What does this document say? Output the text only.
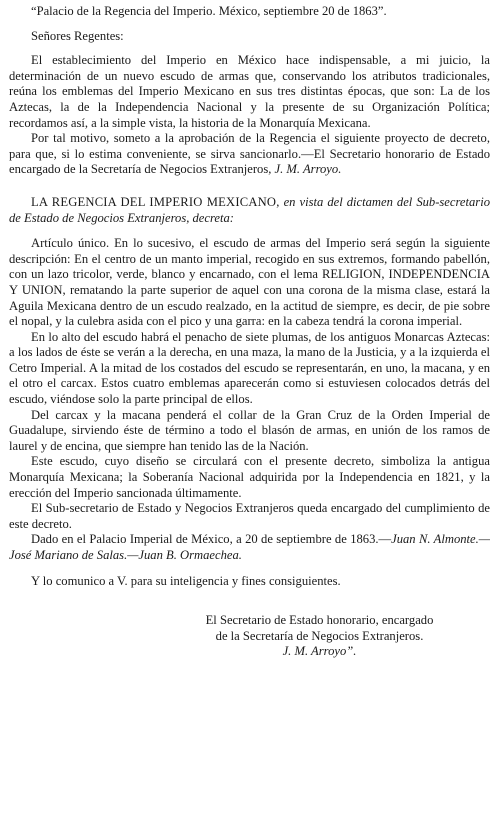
“Palacio de la Regencia del Imperio. México, septiembre 20 de 1863”.

Señores Regentes:

El establecimiento del Imperio en México hace indispensable, a mi juicio, la determinación de un nuevo escudo de armas que, conservando los atributos tradicionales, reúna los emblemas del Imperio Mexicano en sus tres distintas épocas, que son: La de los Aztecas, la de la Independencia Nacional y la presente de su Organización Política; recordamos así, a la simple vista, la historia de la Monarquía Mexicana.

Por tal motivo, someto a la aprobación de la Regencia el siguiente proyecto de decreto, para que, si lo estima conveniente, se sirva sancionarlo.—El Secretario honorario de Estado encargado de la Secretaría de Negocios Extranjeros, J. M. Arroyo.

LA REGENCIA DEL IMPERIO MEXICANO, en vista del dictamen del Sub-secretario de Estado de Negocios Extranjeros, decreta:

Artículo único. En lo sucesivo, el escudo de armas del Imperio será según la siguiente descripción: En el centro de un manto imperial, recogido en sus extremos, formando pabellón, con un lazo tricolor, verde, blanco y encarnado, con el lema RELIGION, INDEPENDENCIA Y UNION, rematando la parte superior de aquel con una corona de la misma clase, estará la Aguila Mexicana dentro de un escudo realzado, en la actitud de siempre, es decir, de pie sobre el nopal, y la culebra asida con el pico y una garra: en la cabeza tendrá la corona imperial.

En lo alto del escudo habrá el penacho de siete plumas, de los antiguos Monarcas Aztecas: a los lados de éste se verán a la derecha, en una maza, la mano de la Justicia, y a la izquierda el Cetro Imperial. A la mitad de los costados del escudo se representarán, en uno, la macana, y en el otro el carcax. Estos cuatro emblemas aparecerán como si estuviesen colocados detrás del escudo, viéndose solo la parte principal de ellos.

Del carcax y la macana penderá el collar de la Gran Cruz de la Orden Imperial de Guadalupe, sirviendo éste de término a todo el blasón de armas, en unión de los ramos de laurel y de encina, que siempre han tenido las de la Nación.

Este escudo, cuyo diseño se circulará con el presente decreto, simboliza la antigua Monarquía Mexicana; la Soberanía Nacional adquirida por la Independencia en 1821, y la erección del Imperio sancionada últimamente.

El Sub-secretario de Estado y Negocios Extranjeros queda encargado del cumplimiento de este decreto.

Dado en el Palacio Imperial de México, a 20 de septiembre de 1863.—Juan N. Almonte.—José Mariano de Salas.—Juan B. Ormaechea.

Y lo comunico a V. para su inteligencia y fines consiguientes.

El Secretario de Estado honorario, encargado
de la Secretaría de Negocios Extranjeros.
J. M. Arroyo”.
